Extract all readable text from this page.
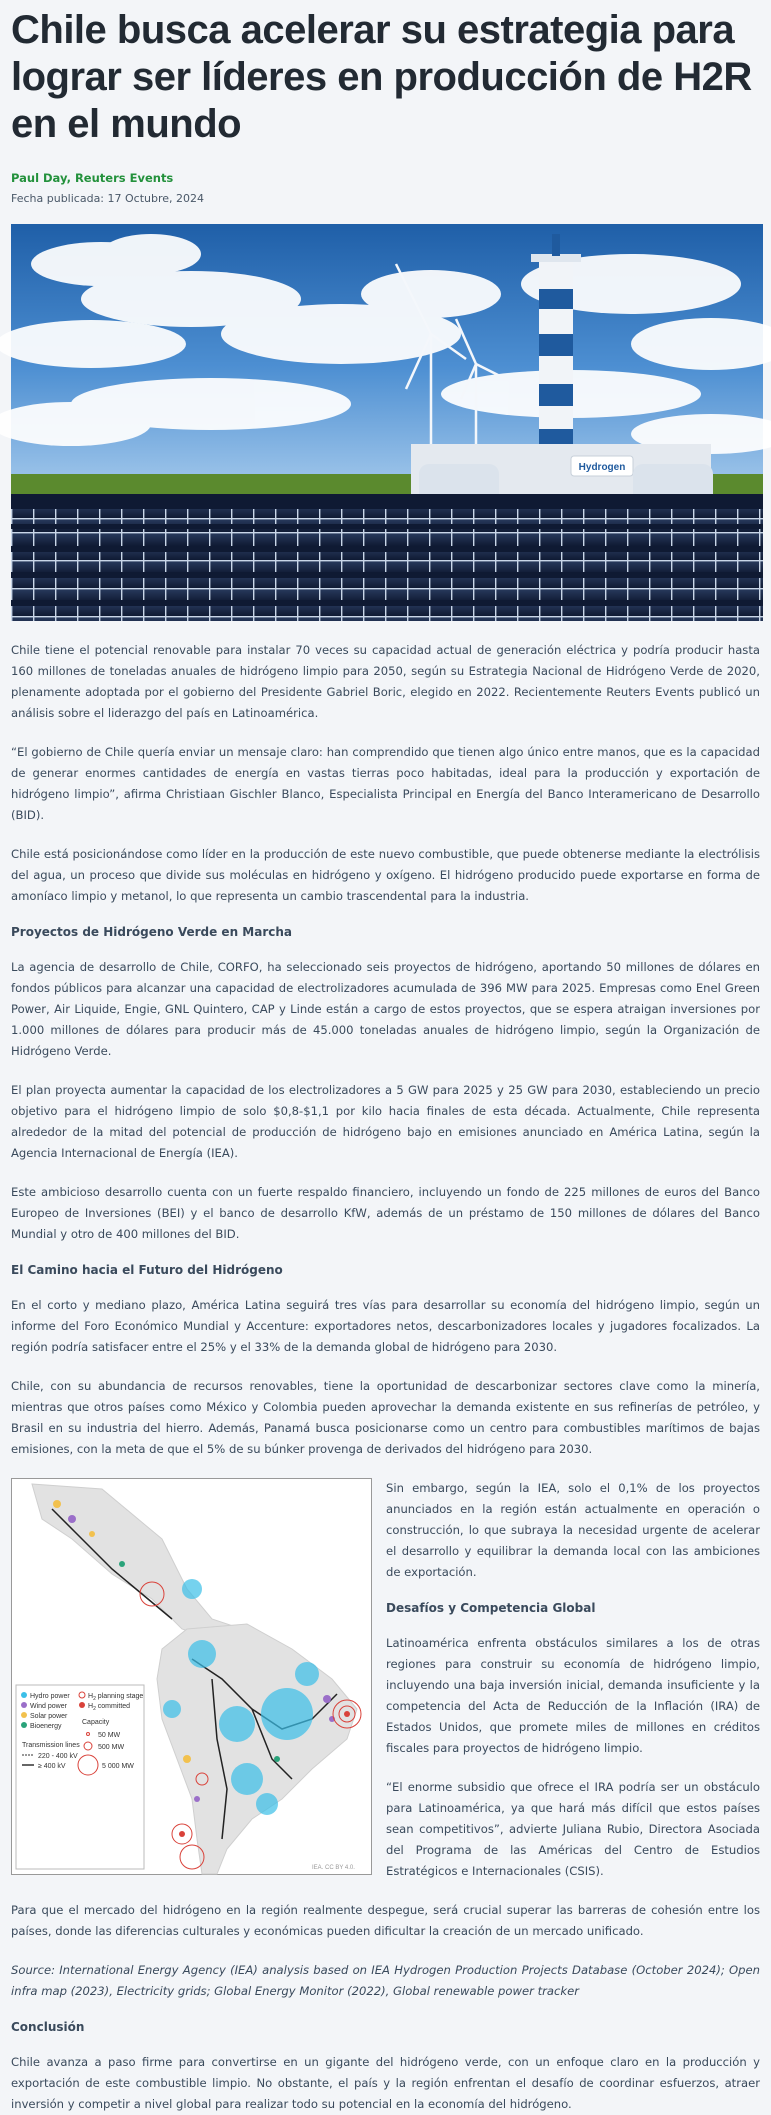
Chile busca acelerar su estrategia para lograr ser líderes en producción de H2R en el mundo
Paul Day, Reuters Events
Fecha publicada: 17 Octubre, 2024
Hydrogen

Chile tiene el potencial renovable para instalar 70 veces su capacidad actual de generación eléctrica y podría producir hasta 160 millones de toneladas anuales de hidrógeno limpio para 2050, según su Estrategia Nacional de Hidrógeno Verde de 2020, plenamente adoptada por el gobierno del Presidente Gabriel Boric, elegido en 2022. Recientemente Reuters Events publicó un análisis sobre el liderazgo del país en Latinoamérica.

“El gobierno de Chile quería enviar un mensaje claro: han comprendido que tienen algo único entre manos, que es la capacidad de generar enormes cantidades de energía en vastas tierras poco habitadas, ideal para la producción y exportación de hidrógeno limpio”, afirma Christiaan Gischler Blanco, Especialista Principal en Energía del Banco Interamericano de Desarrollo (BID).

Chile está posicionándose como líder en la producción de este nuevo combustible, que puede obtenerse mediante la electrólisis del agua, un proceso que divide sus moléculas en hidrógeno y oxígeno. El hidrógeno producido puede exportarse en forma de amoníaco limpio y metanol, lo que representa un cambio trascendental para la industria.

Proyectos de Hidrógeno Verde en Marcha

La agencia de desarrollo de Chile, CORFO, ha seleccionado seis proyectos de hidrógeno, aportando 50 millones de dólares en fondos públicos para alcanzar una capacidad de electrolizadores acumulada de 396 MW para 2025. Empresas como Enel Green Power, Air Liquide, Engie, GNL Quintero, CAP y Linde están a cargo de estos proyectos, que se espera atraigan inversiones por 1.000 millones de dólares para producir más de 45.000 toneladas anuales de hidrógeno limpio, según la Organización de Hidrógeno Verde.

El plan proyecta aumentar la capacidad de los electrolizadores a 5 GW para 2025 y 25 GW para 2030, estableciendo un precio objetivo para el hidrógeno limpio de solo $0,8-$1,1 por kilo hacia finales de esta década. Actualmente, Chile representa alrededor de la mitad del potencial de producción de hidrógeno bajo en emisiones anunciado en América Latina, según la Agencia Internacional de Energía (IEA).

Este ambicioso desarrollo cuenta con un fuerte respaldo financiero, incluyendo un fondo de 225 millones de euros del Banco Europeo de Inversiones (BEI) y el banco de desarrollo KfW, además de un préstamo de 150 millones de dólares del Banco Mundial y otro de 400 millones del BID.

El Camino hacia el Futuro del Hidrógeno

En el corto y mediano plazo, América Latina seguirá tres vías para desarrollar su economía del hidrógeno limpio, según un informe del Foro Económico Mundial y Accenture: exportadores netos, descarbonizadores locales y jugadores focalizados. La región podría satisfacer entre el 25% y el 33% de la demanda global de hidrógeno para 2030.

Chile, con su abundancia de recursos renovables, tiene la oportunidad de descarbonizar sectores clave como la minería, mientras que otros países como México y Colombia pueden aprovechar la demanda existente en sus refinerías de petróleo, y Brasil en su industria del hierro. Además, Panamá busca posicionarse como un centro para combustibles marítimos de bajas emisiones, con la meta de que el 5% de su búnker provenga de derivados del hidrógeno para 2030.

Hydro power
Wind power
Solar power
Bioenergy
$H_2$ planning stage
$H_2$ committed
Capacity
50 MW
500 MW
5 000 MW
Transmission lines
220 - 400 kV
≥ 400 kV
IEA. CC BY 4.0.

Sin embargo, según la IEA, solo el 0,1% de los proyectos anunciados en la región están actualmente en operación o construcción, lo que subraya la necesidad urgente de acelerar el desarrollo y equilibrar la demanda local con las ambiciones de exportación.

Desafíos y Competencia Global

Latinoamérica enfrenta obstáculos similares a los de otras regiones para construir su economía de hidrógeno limpio, incluyendo una baja inversión inicial, demanda insuficiente y la competencia del Acta de Reducción de la Inflación (IRA) de Estados Unidos, que promete miles de millones en créditos fiscales para proyectos de hidrógeno limpio.

“El enorme subsidio que ofrece el IRA podría ser un obstáculo para Latinoamérica, ya que hará más difícil que estos países sean competitivos”, advierte Juliana Rubio, Directora Asociada del Programa de las Américas del Centro de Estudios Estratégicos e Internacionales (CSIS).

Para que el mercado del hidrógeno en la región realmente despegue, será crucial superar las barreras de cohesión entre los países, donde las diferencias culturales y económicas pueden dificultar la creación de un mercado unificado.

Source: International Energy Agency (IEA) analysis based on IEA Hydrogen Production Projects Database (October 2024); Open infra map (2023), Electricity grids; Global Energy Monitor (2022), Global renewable power tracker

Conclusión

Chile avanza a paso firme para convertirse en un gigante del hidrógeno verde, con un enfoque claro en la producción y exportación de este combustible limpio. No obstante, el país y la región enfrentan el desafío de coordinar esfuerzos, atraer inversión y competir a nivel global para realizar todo su potencial en la economía del hidrógeno.
